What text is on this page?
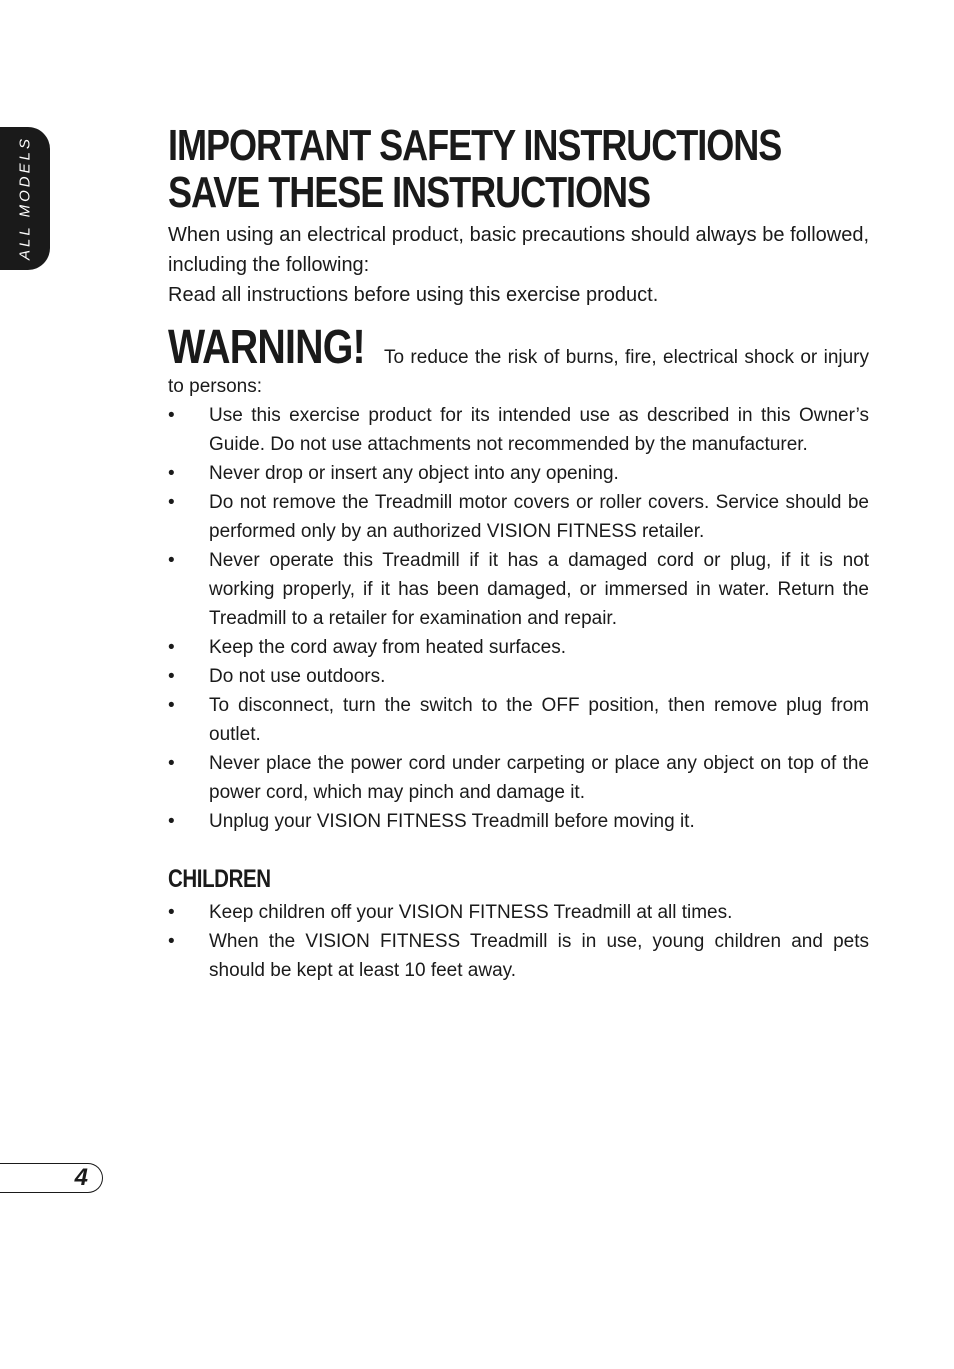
ALL MODELS	IMPORTANT SAFETY INSTRUCTIONS
SAVE THESE INSTRUCTIONS

When using an electrical product, basic precautions should always be followed, including the following:

Read all instructions before using this exercise product.

WARNING! To reduce the risk of burns, fire, electrical shock or injury to persons:
• Use this exercise product for its intended use as described in this Owner’s Guide. Do not use attachments not recommended by the manufacturer.
• Never drop or insert any object into any opening.
• Do not remove the Treadmill motor covers or roller covers. Service should be performed only by an authorized VISION FITNESS retailer.
• Never operate this Treadmill if it has a damaged cord or plug, if it is not working properly, if it has been damaged, or immersed in water. Return the Treadmill to a retailer for examination and repair.
• Keep the cord away from heated surfaces.
• Do not use outdoors.
• To disconnect, turn the switch to the OFF position, then remove plug from outlet.
• Never place the power cord under carpeting or place any object on top of the power cord, which may pinch and damage it.
• Unplug your VISION FITNESS Treadmill before moving it.
CHILDREN
• Keep children off your VISION FITNESS Treadmill at all times.
• When the VISION FITNESS Treadmill is in use, young children and pets should be kept at least 10 feet away.
4
